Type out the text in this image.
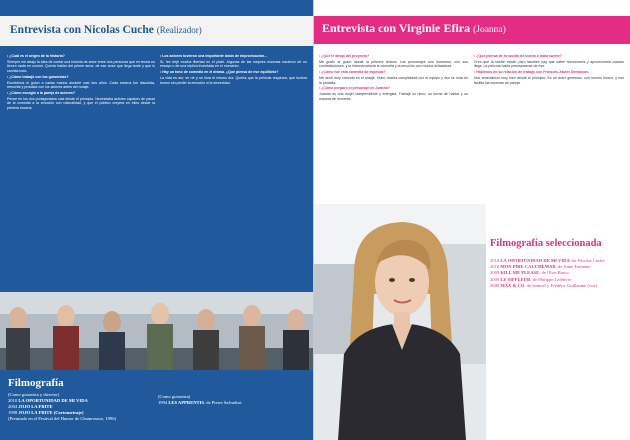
Entrevista con Nicolas Cuche (Realizador)

• ¿Cuál es el origen de la historia?

Siempre me atrajo la idea de contar una historia de amor entre dos personas que en teoría no tienen nada en común. Quería hablar del primer amor, de ese amor que llega tarde y que lo cambia todo.

• ¿Cómo trabajó con los guionistas?

Escribimos el guion a varias manos durante casi dos años. Cada escena fue discutida, reescrita y probada con los actores antes del rodaje.

• ¿Cómo escogió a la pareja de actores?

Pensé en los dos protagonistas casi desde el principio. Necesitaba actores capaces de pasar de la comedia a la emoción con naturalidad, y que el público creyera en ellos desde la primera escena.

• Los actores tuvieron una importante dosis de improvisación...

Sí, les dejé mucha libertad en el plató. Algunas de las mejores escenas nacieron de un ensayo o de una réplica inventada en el momento.

• Hay un tono de comedia en el drama. ¿Qué piensa de ese equilibrio?

La vida es así: se ríe y se llora el mismo día. Quería que la película respirara, que tuviera humor sin perder la emoción ni la sinceridad.

Filmografía
(Como guionista y director)
2010 LA OPORTUNIDAD DE MI VIDA
2004 JOJO LA FRITE
1998 JOJO LA FRITE (Cortometraje)
(Premiado en el Festival del Humor de Chamrousse, 1996)
(Como guionista)
1994 LES APPRENTIS, de Pierre Salvadori
Entrevista con Virginie Efira (Joanna)

• ¿Qué le atrajo del proyecto?

Me gustó el guion desde la primera lectura. Los personajes son humanos, con sus contradicciones, y la historia mezcla la comedia y la emoción con mucha delicadeza.

• ¿Cómo fue esta comedia de especial?

Me sentí muy cómoda en el rodaje. Hubo mucha complicidad con el equipo y eso se nota en la pantalla.

• ¿Cómo preparó el personaje de Joanna?

Joanna es una mujer independiente y enérgica. Trabajé su ritmo, su forma de hablar y su manera de moverse.

• ¿Qué piensa de la noción de buena o mala suerte?

Creo que la suerte existe, pero también hay que saber reconocerla y aprovecharla cuando llega. La película habla precisamente de eso.

• Háblenos de su relación de trabajo con François-Xavier Demaison.

Nos entendimos muy bien desde el principio. Es un actor generoso, con mucho humor, y eso facilita las escenas de pareja.

Filmografía seleccionada
2010 LA OPORTUNIDAD DE MI VIDA, de Nicolas Cuche
2010 MON PIRE CAUCHEMAR, de Anne Fontaine
2009 KILL ME PLEASE, de Olias Barco
2009 LE SIFFLEUR, de Philippe Lefebvre
2008 MAX & CO, de Samuel y Frédéric Guillaume (voz)
